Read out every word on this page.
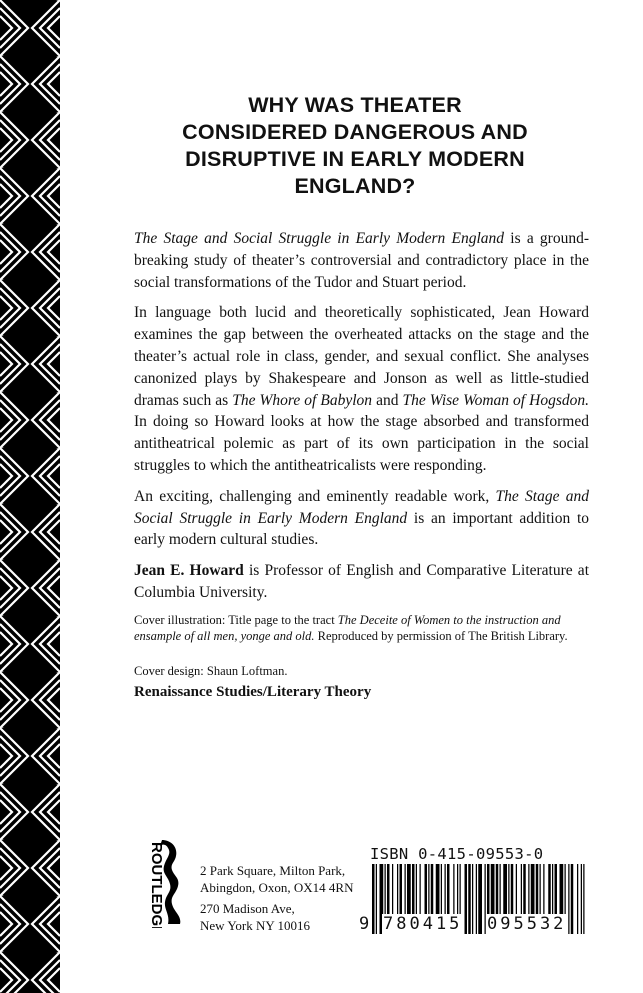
WHY WAS THEATER
CONSIDERED DANGEROUS AND
DISRUPTIVE IN EARLY MODERN
ENGLAND?

The Stage and Social Struggle in Early Modern England is a ground-breaking study of theater’s controversial and contradictory place in the social transformations of the Tudor and Stuart period.

In language both lucid and theoretically sophisticated, Jean Howard examines the gap between the overheated attacks on the stage and the theater’s actual role in class, gender, and sexual conflict. She analyses canonized plays by Shakespeare and Jonson as well as little-studied dramas such as The Whore of Babylon and The Wise Woman of Hogsdon. In doing so Howard looks at how the stage absorbed and transformed antitheatrical polemic as part of its own participation in the social struggles to which the antitheatricalists were responding.

An exciting, challenging and eminently readable work, The Stage and Social Struggle in Early Modern England is an important addition to early modern cultural studies.

Jean E. Howard is Professor of English and Comparative Literature at Columbia University.

Cover illustration: Title page to the tract The Deceite of Women to the instruction and ensample of all men, yonge and old. Reproduced by permission of The British Library.

Cover design: Shaun Loftman.

Renaissance Studies/Literary Theory
ROUTLEDGE	2 Park Square, Milton Park,

Abingdon, Oxon, OX14 4RN

270 Madison Ave,

New York NY 10016

ISBN 0-415-09553-0
9 780415 095532
